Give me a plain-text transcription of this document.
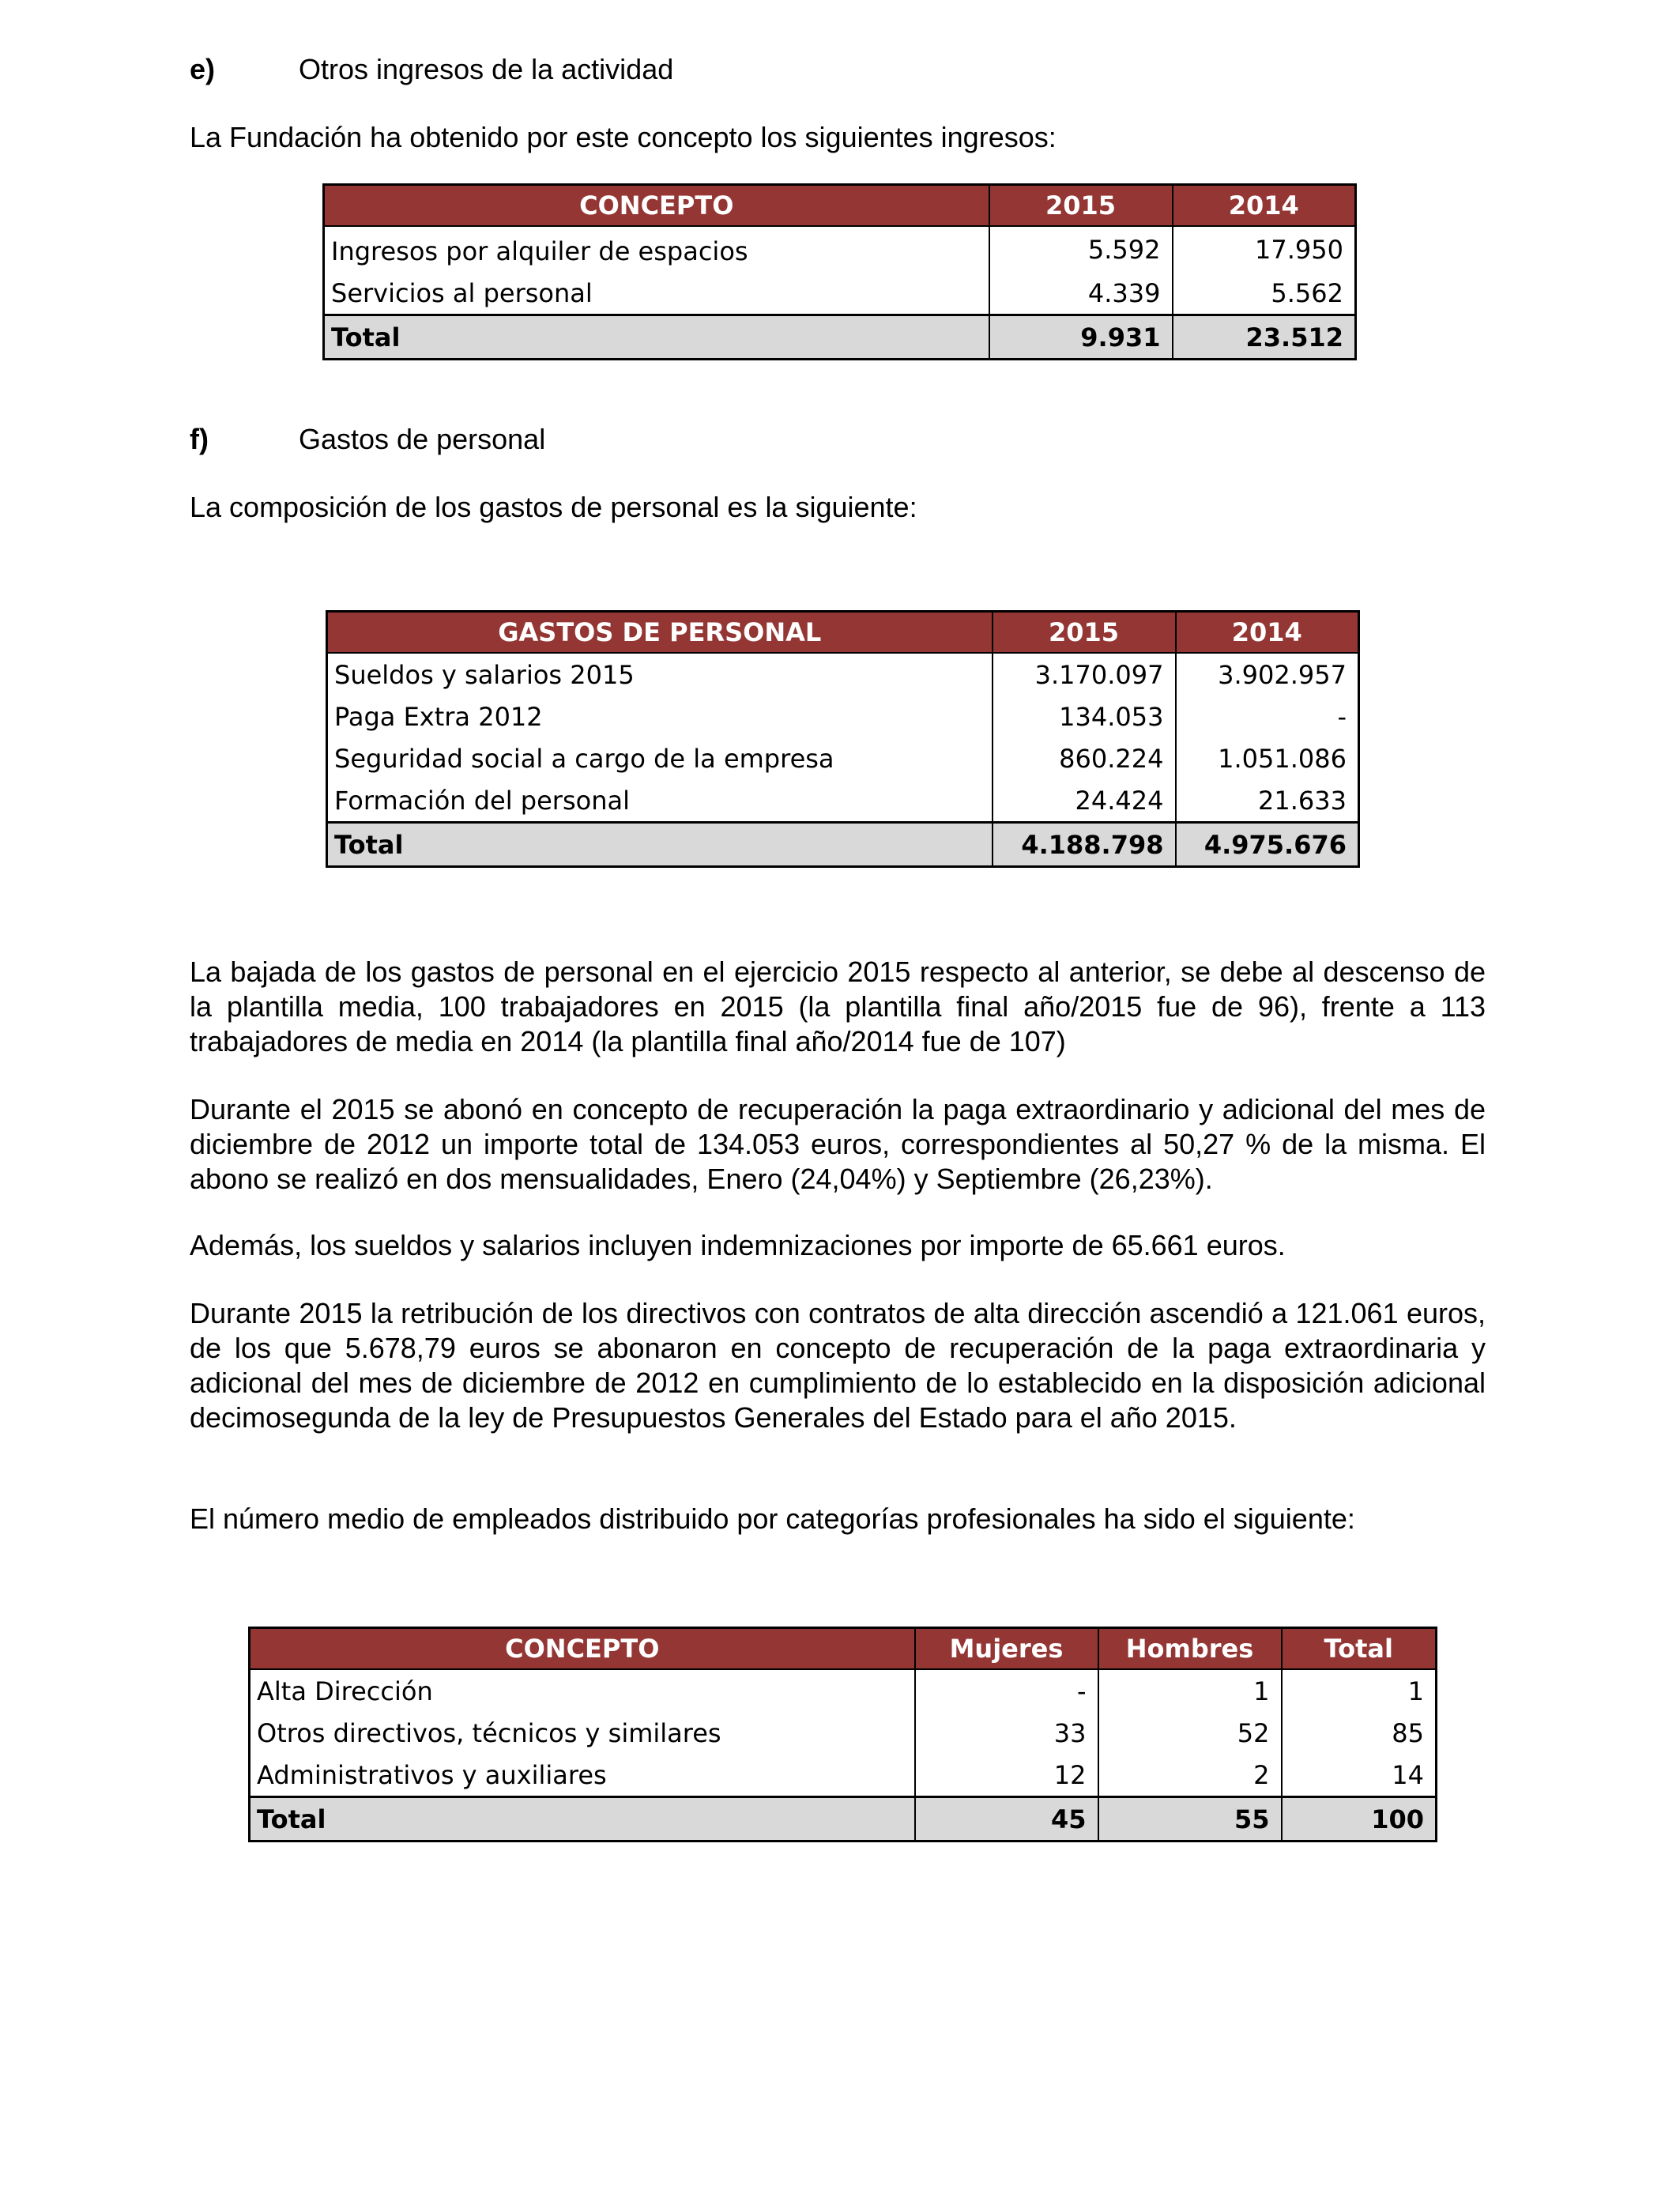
e)	Otros ingresos de la actividad
La Fundación ha obtenido por este concepto los siguientes ingresos:
CONCEPTO	2015	2014
Ingresos por alquiler de espacios	5.592	17.950
Servicios al personal	4.339	5.562
Total	9.931	23.512
f)	Gastos de personal
La composición de los gastos de personal es la siguiente:
GASTOS DE PERSONAL	2015	2014
Sueldos y salarios 2015	3.170.097	3.902.957
Paga Extra 2012	134.053	-
Seguridad social a cargo de la empresa	860.224	1.051.086
Formación del personal	24.424	21.633
Total	4.188.798	4.975.676

La bajada de los gastos de personal en el ejercicio 2015 respecto al anterior, se debe al descenso de la plantilla media, 100 trabajadores en 2015 (la plantilla final año/2015 fue de 96), frente a 113 trabajadores de media en 2014 (la plantilla final año/2014 fue de 107)

Durante el 2015 se abonó en concepto de recuperación la paga extraordinario y adicional del mes de diciembre de 2012 un importe total de 134.053 euros, correspondientes al 50,27 % de la misma. El abono se realizó en dos mensualidades, Enero (24,04%) y Septiembre (26,23%).

Además, los sueldos y salarios incluyen indemnizaciones por importe de 65.661 euros.

Durante 2015 la retribución de los directivos con contratos de alta dirección ascendió a 121.061 euros, de los que 5.678,79 euros se abonaron en concepto de recuperación de la paga extraordinaria y adicional del mes de diciembre de 2012 en cumplimiento de lo establecido en la disposición adicional decimosegunda de la ley de Presupuestos Generales del Estado para el año 2015.

El número medio de empleados distribuido por categorías profesionales ha sido el siguiente:

CONCEPTO	Mujeres	Hombres	Total
Alta Dirección	-	1	1
Otros directivos, técnicos y similares	33	52	85
Administrativos y auxiliares	12	2	14
Total	45	55	100
